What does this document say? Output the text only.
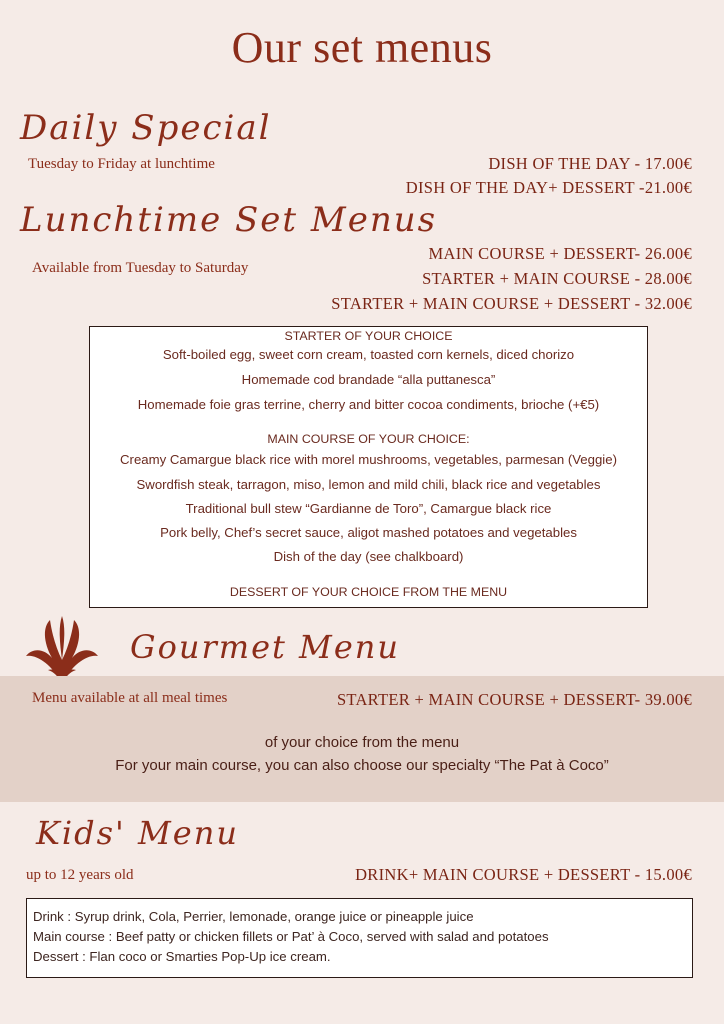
Our set menus
Daily Special
Tuesday to Friday at lunchtime	DISH OF THE DAY - 17.00€
DISH OF THE DAY+ DESSERT -21.00€
Lunchtime Set Menus
Available from Tuesday to Saturday
MAIN COURSE + DESSERT- 26.00€
STARTER + MAIN COURSE - 28.00€
STARTER + MAIN COURSE + DESSERT - 32.00€
STARTER OF YOUR CHOICE
Soft-boiled egg, sweet corn cream, toasted corn kernels, diced chorizo
Homemade cod brandade “alla puttanesca”
Homemade foie gras terrine, cherry and bitter cocoa condiments, brioche (+€5)
MAIN COURSE OF YOUR CHOICE:
Creamy Camargue black rice with morel mushrooms, vegetables, parmesan (Veggie)
Swordfish steak, tarragon, miso, lemon and mild chili, black rice and vegetables
Traditional bull stew “Gardianne de Toro”, Camargue black rice
Pork belly, Chef’s secret sauce, aligot mashed potatoes and vegetables
Dish of the day (see chalkboard)
DESSERT OF YOUR CHOICE FROM THE MENU
Gourmet Menu
Menu available at all meal times	STARTER + MAIN COURSE + DESSERT- 39.00€
of your choice from the menu
For your main course, you can also choose our specialty “The Pat à Coco”
Kids' Menu
up to 12 years old	DRINK+ MAIN COURSE + DESSERT - 15.00€
Drink : Syrup drink, Cola, Perrier, lemonade, orange juice or pineapple juice
Main course : Beef patty or chicken fillets or Pat’ à Coco, served with salad and potatoes
Dessert : Flan coco or Smarties Pop-Up ice cream.
